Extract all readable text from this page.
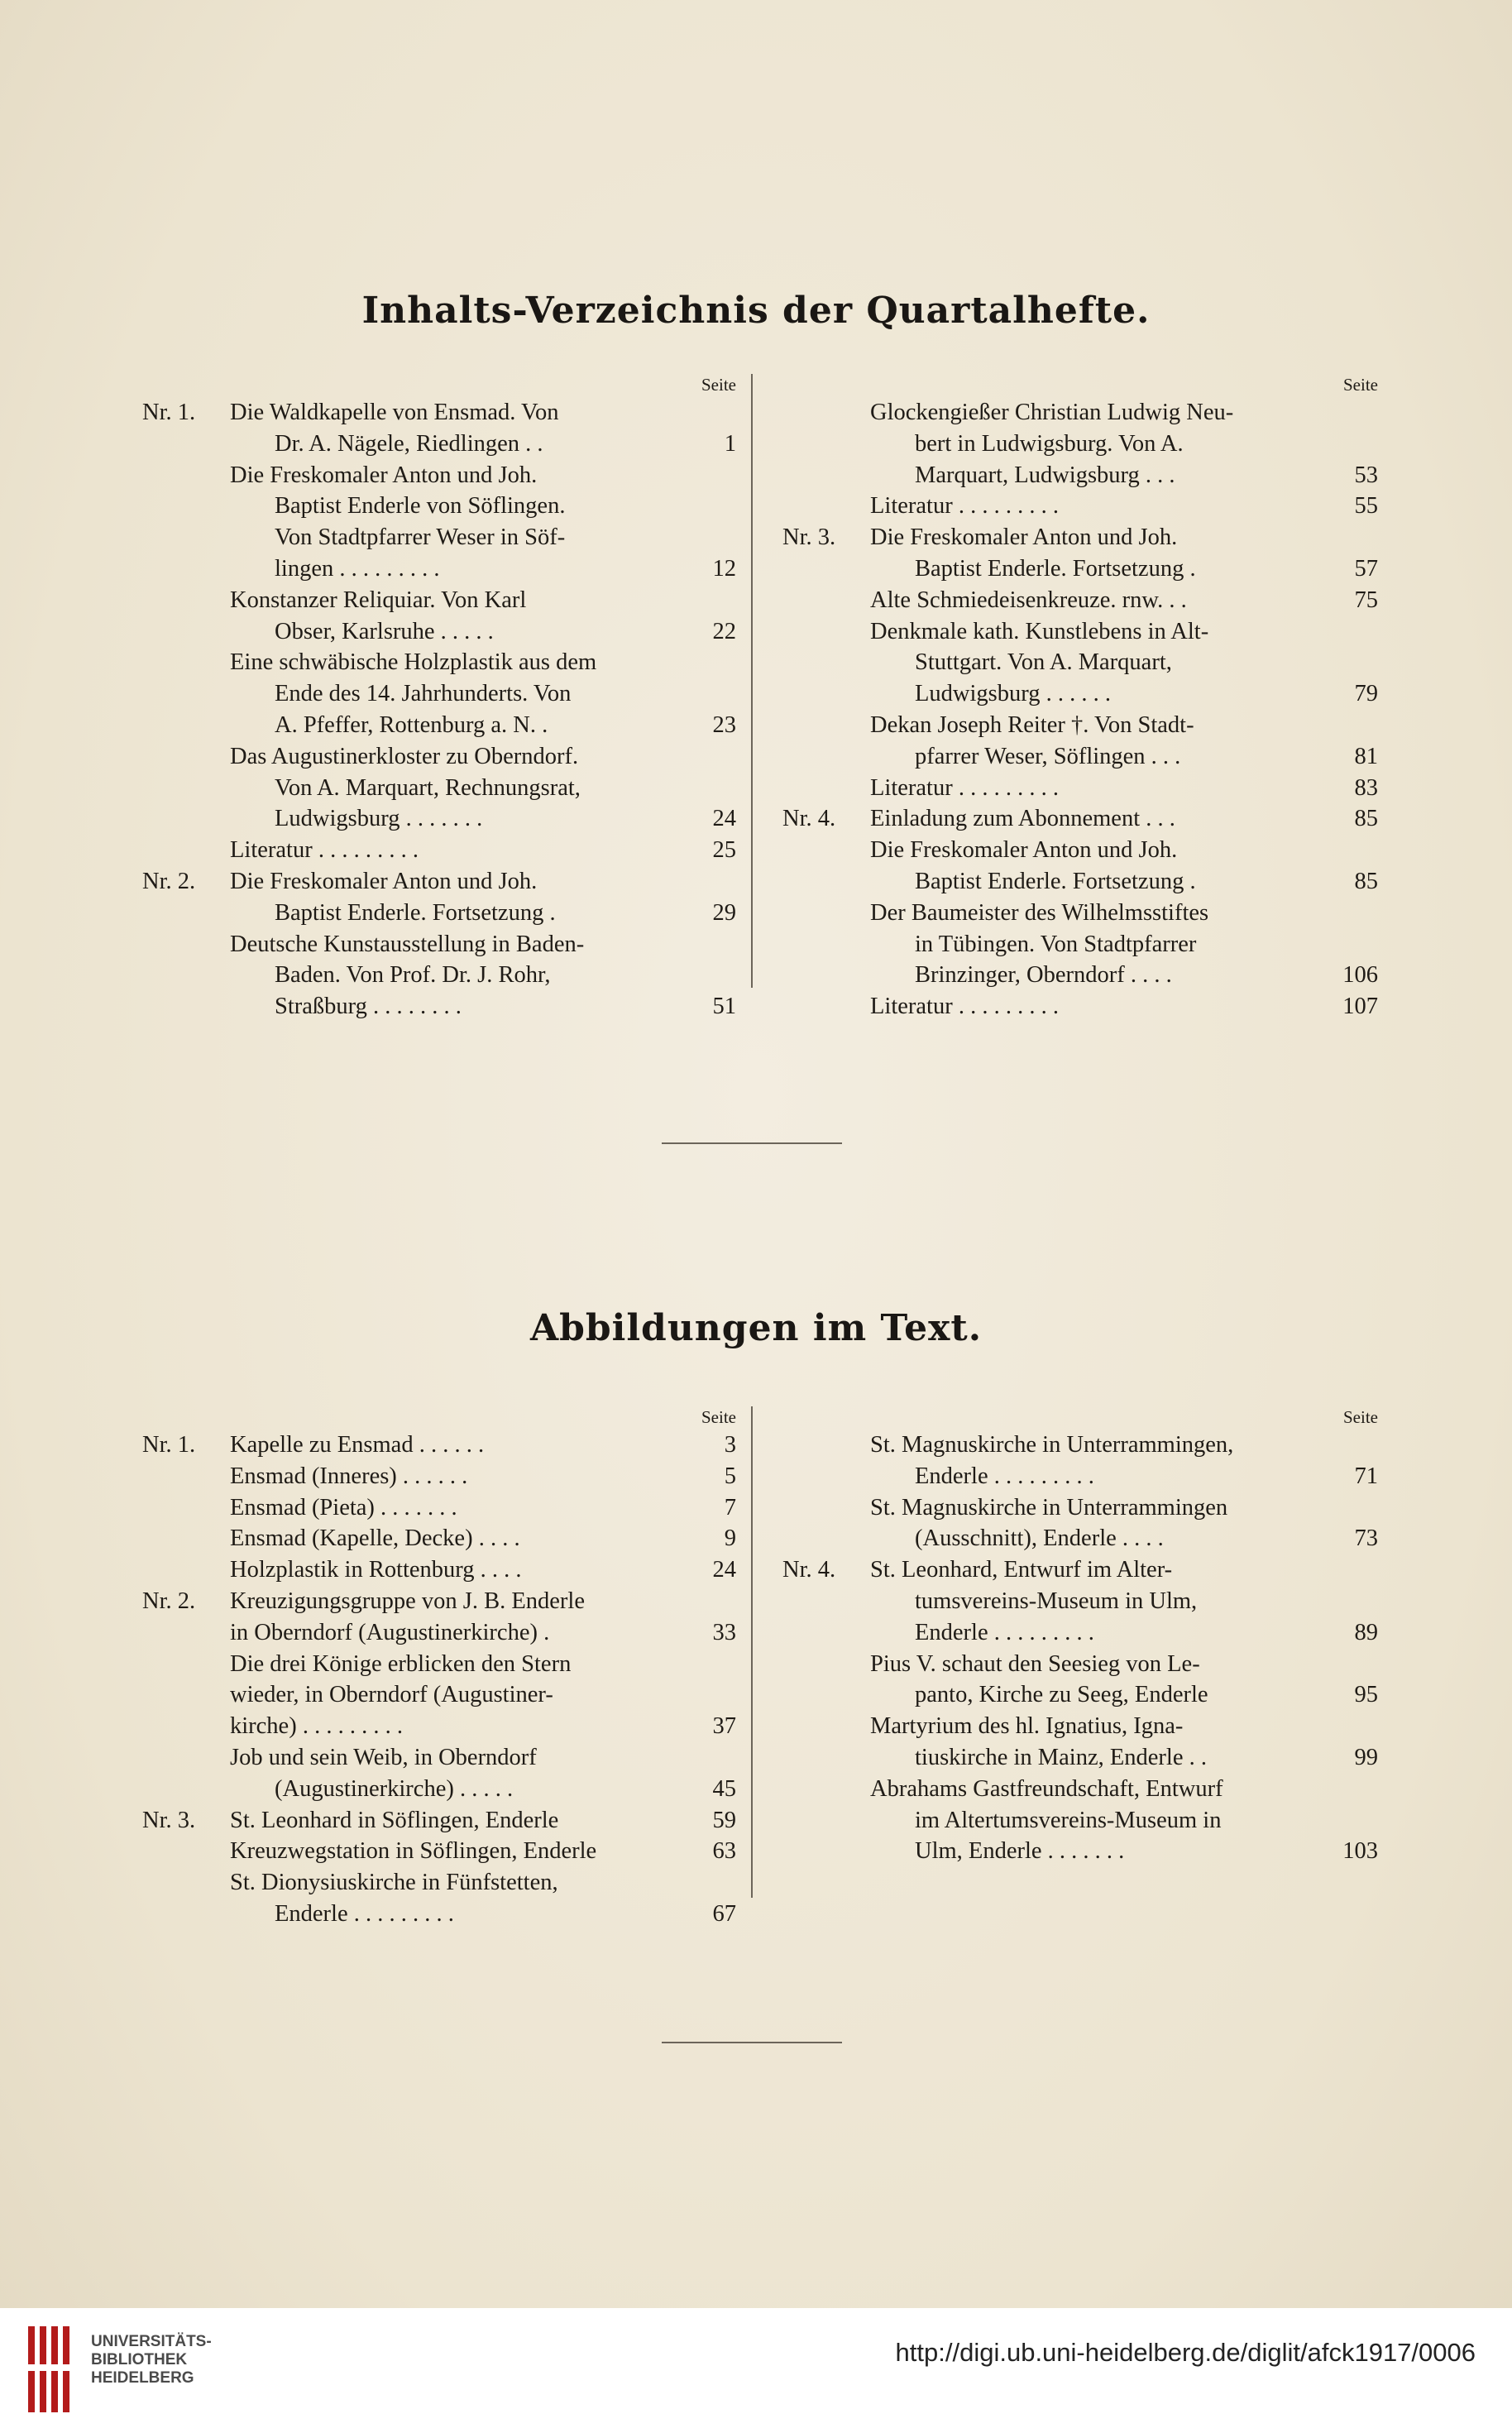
Inhalts-Verzeichnis der Quartalhefte.
Seite
Nr. 1. Die Waldkapelle von Ensmad. Von
Dr. A. Nägele, Riedlingen . .	1
Die Freskomaler Anton und Joh.
Baptist Enderle von Söflingen.
Von Stadtpfarrer Weser in Söf-
lingen . . . . . . . . .	12
Konstanzer Reliquiar. Von Karl
Obser, Karlsruhe . . . . .	22
Eine schwäbische Holzplastik aus dem
Ende des 14. Jahrhunderts. Von
A. Pfeffer, Rottenburg a. N. .	23
Das Augustinerkloster zu Oberndorf.
Von A. Marquart, Rechnungsrat,
Ludwigsburg . . . . . . .	24
Literatur . . . . . . . . .	25
Nr. 2. Die Freskomaler Anton und Joh.
Baptist Enderle. Fortsetzung .	29
Deutsche Kunstausstellung in Baden-
Baden. Von Prof. Dr. J. Rohr,
Straßburg . . . . . . . .	51
Seite
Glockengießer Christian Ludwig Neu-
bert in Ludwigsburg. Von A.
Marquart, Ludwigsburg . . .	53
Literatur . . . . . . . . .	55
Nr. 3. Die Freskomaler Anton und Joh.
Baptist Enderle. Fortsetzung .	57
Alte Schmiedeisenkreuze. rnw. . .	75
Denkmale kath. Kunstlebens in Alt-
Stuttgart. Von A. Marquart,
Ludwigsburg . . . . . .	79
Dekan Joseph Reiter †. Von Stadt-
pfarrer Weser, Söflingen . . .	81
Literatur . . . . . . . . .	83
Nr. 4. Einladung zum Abonnement . . .	85
Die Freskomaler Anton und Joh.
Baptist Enderle. Fortsetzung .	85
Der Baumeister des Wilhelmsstiftes
in Tübingen. Von Stadtpfarrer
Brinzinger, Oberndorf . . . .	106
Literatur . . . . . . . . .	107
Abbildungen im Text.
Seite
Nr. 1. Kapelle zu Ensmad . . . . . .	3
Ensmad (Inneres) . . . . . .	5
Ensmad (Pieta) . . . . . . .	7
Ensmad (Kapelle, Decke) . . . .	9
Holzplastik in Rottenburg . . . .	24
Nr. 2. Kreuzigungsgruppe von J. B. Enderle
in Oberndorf (Augustinerkirche) .	33
Die drei Könige erblicken den Stern
wieder, in Oberndorf (Augustiner-
kirche) . . . . . . . . .	37
Job und sein Weib, in Oberndorf
(Augustinerkirche) . . . . .	45
Nr. 3. St. Leonhard in Söflingen, Enderle	59
Kreuzwegstation in Söflingen, Enderle	63
St. Dionysiuskirche in Fünfstetten,
Enderle . . . . . . . . .	67
Seite
St. Magnuskirche in Unterrammingen,
Enderle . . . . . . . . .	71
St. Magnuskirche in Unterrammingen
(Ausschnitt), Enderle . . . .	73
Nr. 4. St. Leonhard, Entwurf im Alter-
tumsvereins-Museum in Ulm,
Enderle . . . . . . . . .	89
Pius V. schaut den Seesieg von Le-
panto, Kirche zu Seeg, Enderle	95
Martyrium des hl. Ignatius, Igna-
tiuskirche in Mainz, Enderle . .	99
Abrahams Gastfreundschaft, Entwurf
im Altertumsvereins-Museum in
Ulm, Enderle . . . . . . .	103
UNIVERSITÄTS-
BIBLIOTHEK
HEIDELBERG
http://digi.ub.uni-heidelberg.de/diglit/afck1917/0006
